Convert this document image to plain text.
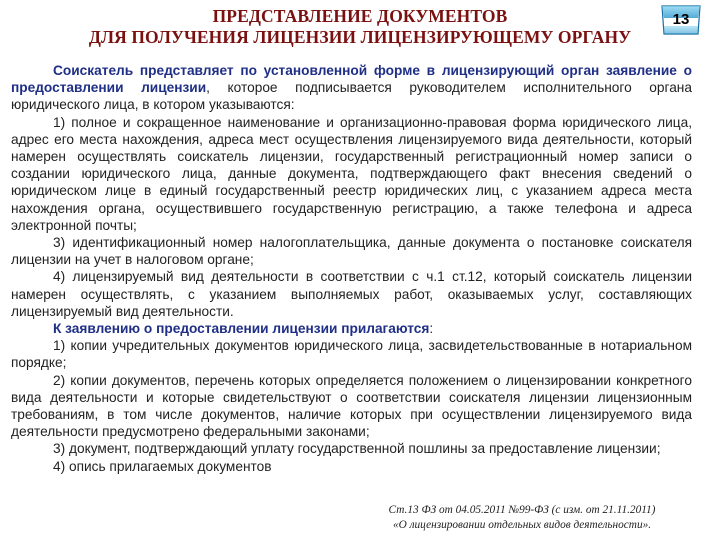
ПРЕДСТАВЛЕНИЕ ДОКУМЕНТОВ
ДЛЯ ПОЛУЧЕНИЯ ЛИЦЕНЗИИ ЛИЦЕНЗИРУЮЩЕМУ ОРГАНУ
13

Соискатель представляет по установленной форме в лицензирующий орган заявление о предоставлении лицензии, которое подписывается руководителем исполнительного органа юридического лица, в котором указываются:

1) полное и сокращенное наименование и организационно-правовая форма юридического лица, адрес его места нахождения, адреса мест осуществления лицензируемого вида деятельности, который намерен осуществлять соискатель лицензии, государственный регистрационный номер записи о создании юридического лица, данные документа, подтверждающего факт внесения сведений о юридическом лице в единый государственный реестр юридических лиц, с указанием адреса места нахождения органа, осуществившего государственную регистрацию, а также телефона и адреса электронной почты;

3) идентификационный номер налогоплательщика, данные документа о постановке соискателя лицензии на учет в налоговом органе;

4) лицензируемый вид деятельности в соответствии с ч.1 ст.12, который соискатель лицензии намерен осуществлять, с указанием выполняемых работ, оказываемых услуг, составляющих лицензируемый вид деятельности.

К заявлению о предоставлении лицензии прилагаются:

1) копии учредительных документов юридического лица, засвидетельствованные в нотариальном порядке;

2) копии документов, перечень которых определяется положением о лицензировании конкретного вида деятельности и которые свидетельствуют о соответствии соискателя лицензии лицензионным требованиям, в том числе документов, наличие которых при осуществлении лицензируемого вида деятельности предусмотрено федеральными законами;

3) документ, подтверждающий уплату государственной пошлины за предоставление лицензии;

4) опись прилагаемых документов

Ст.13 ФЗ от 04.05.2011 №99-ФЗ (с изм. от 21.11.2011)
«О лицензировании отдельных видов деятельности».
